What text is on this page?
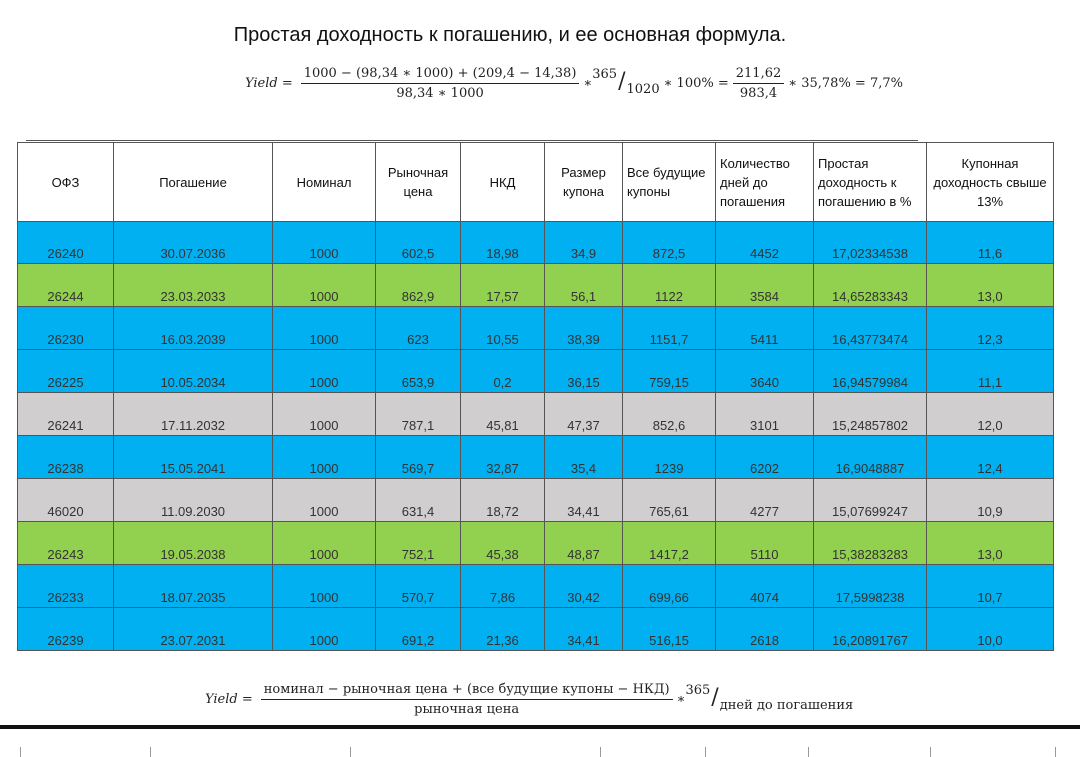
Простая доходность к погашению, и ее основная формула.
Yield = $\frac{1000 - (98,34 ∗ 1000) + (209,4 - 14,38)}{98,34 ∗ 1000}$ ∗
365 / 1020 ∗ $100\% = \frac{211,62}{983,4}$ ∗ 35,78% = 7,7%
ОФЗ	Погашение	Номинал	Рыночная цена	НКД	Размер купона	Все будущие купоны	Количество дней до погашения	Простая доходность к погашению в %	Купонная доходность свыше 13%
26240	30.07.2036	1000	602,5	18,98	34,9	872,5	4452	17,02334538	11,6
26244	23.03.2033	1000	862,9	17,57	56,1	1122	3584	14,65283343	13,0
26230	16.03.2039	1000	623	10,55	38,39	1151,7	5411	16,43773474	12,3
26225	10.05.2034	1000	653,9	0,2	36,15	759,15	3640	16,94579984	11,1
26241	17.11.2032	1000	787,1	45,81	47,37	852,6	3101	15,24857802	12,0
26238	15.05.2041	1000	569,7	32,87	35,4	1239	6202	16,9048887	12,4
46020	11.09.2030	1000	631,4	18,72	34,41	765,61	4277	15,07699247	10,9
26243	19.05.2038	1000	752,1	45,38	48,87	1417,2	5110	15,38283283	13,0
26233	18.07.2035	1000	570,7	7,86	30,42	699,66	4074	17,5998238	10,7
26239	23.07.2031	1000	691,2	21,36	34,41	516,15	2618	16,20891767	10,0
Yield = $\frac{\text{номинал − рыночная цена + (все будущие купоны − НКД)}}{\text{рыночная цена}}$ ∗
365 / дней до погашения
